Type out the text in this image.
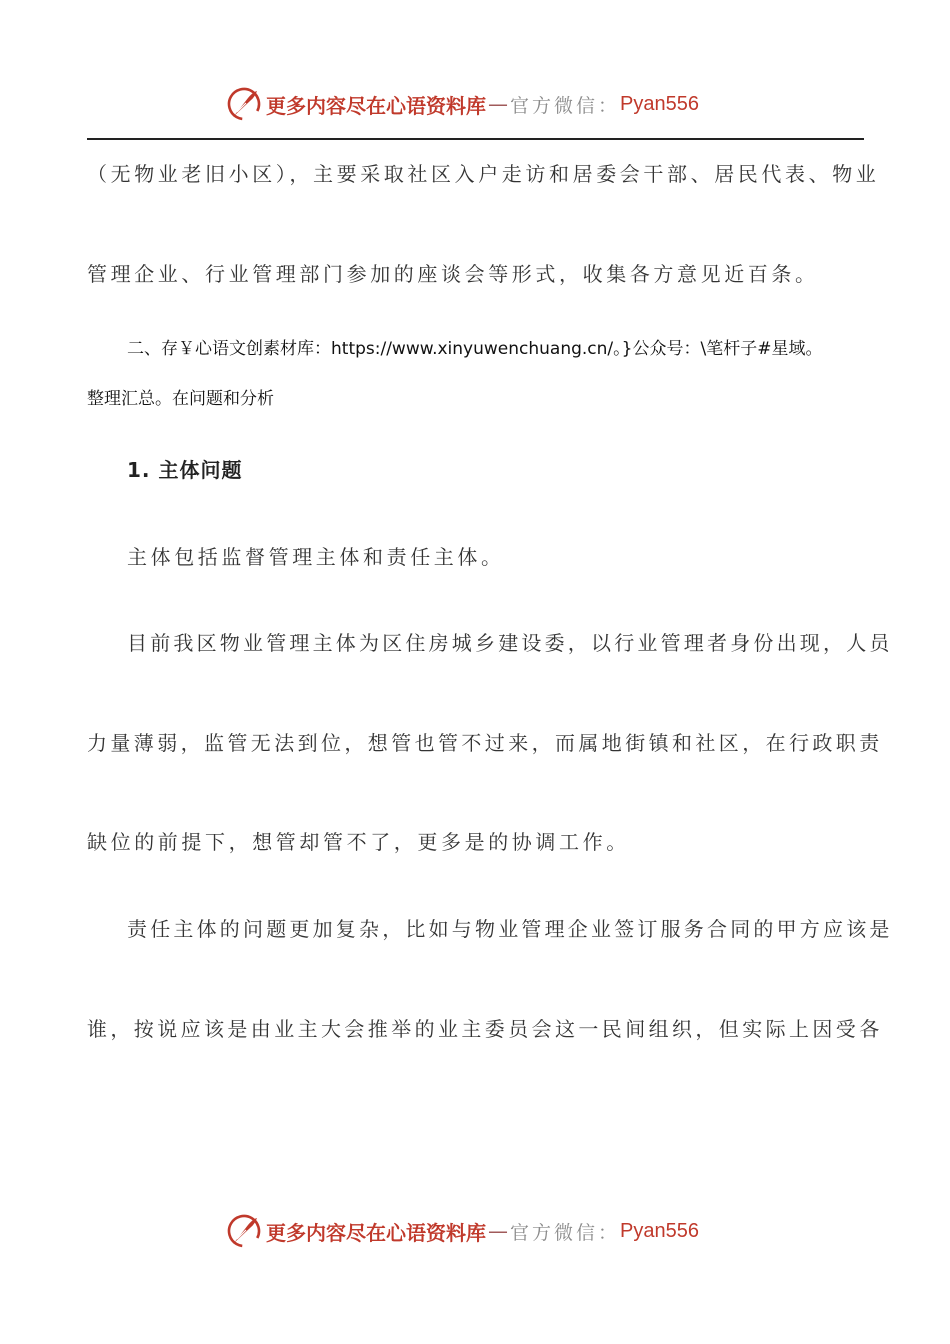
更多内容尽在心语资料库 — 官方微信： Pyan556
（无物业老旧小区），主要采取社区入户走访和居委会干部、居民代表、物业
管理企业、行业管理部门参加的座谈会等形式，收集各方意见近百条。
二、存￥心语文创素材库：https://www.xinyuwenchuang.cn/。}公众号：\笔杆子#星域。
整理汇总。在问题和分析
1. 主体问题
主体包括监督管理主体和责任主体。
目前我区物业管理主体为区住房城乡建设委，以行业管理者身份出现，人员
力量薄弱，监管无法到位，想管也管不过来，而属地街镇和社区，在行政职责
缺位的前提下，想管却管不了，更多是的协调工作。
责任主体的问题更加复杂，比如与物业管理企业签订服务合同的甲方应该是
谁，按说应该是由业主大会推举的业主委员会这一民间组织，但实际上因受各
更多内容尽在心语资料库 — 官方微信： Pyan556
